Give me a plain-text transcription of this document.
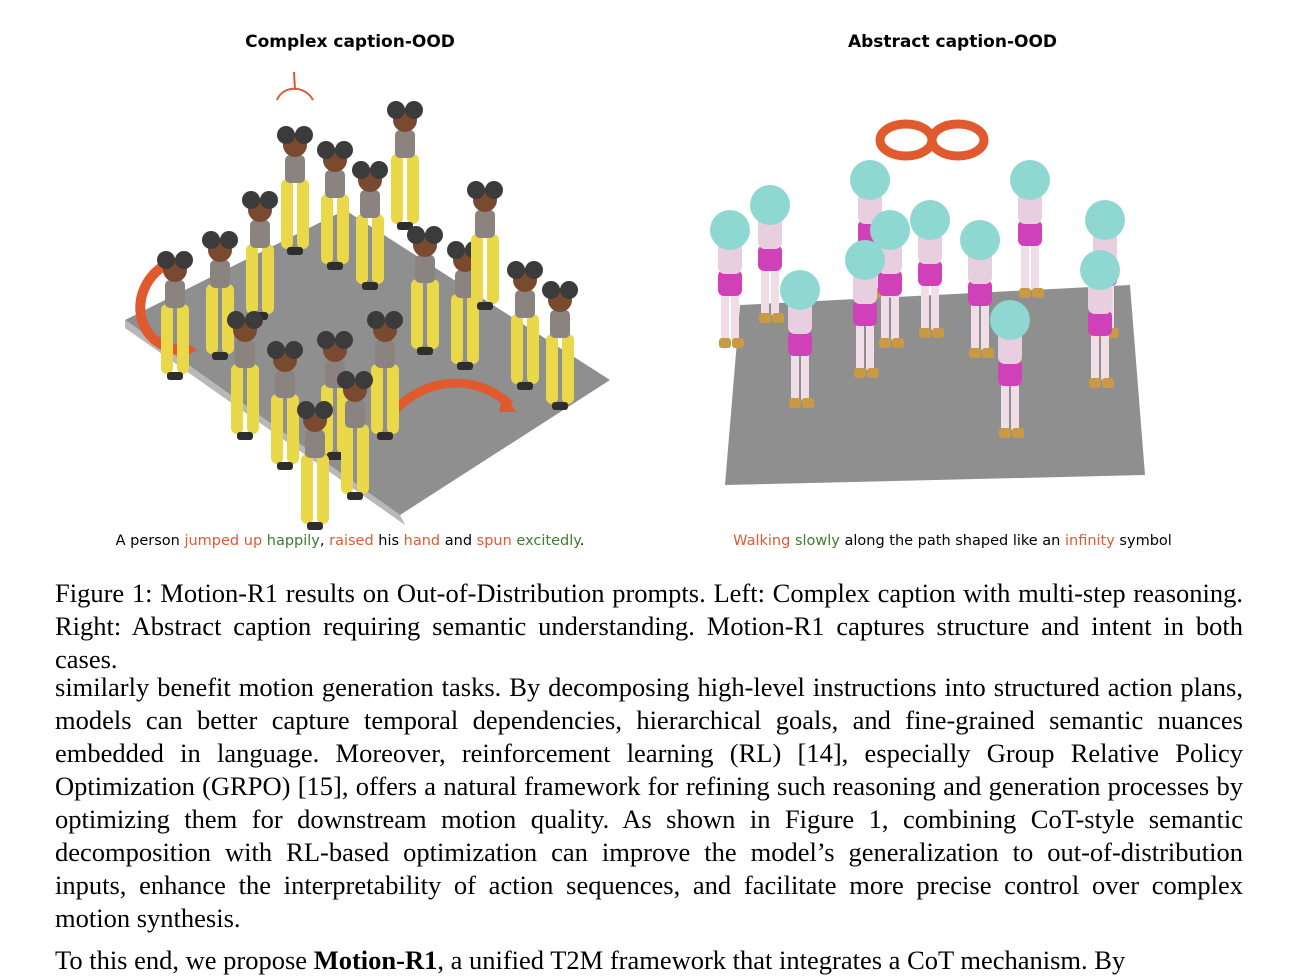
Complex caption-OOD
A person jumped up happily, raised his hand and spun excitedly.
Abstract caption-OOD
Walking slowly along the path shaped like an infinity symbol
Figure 1: Motion-R1 results on Out-of-Distribution prompts. Left: Complex caption with multi-step reasoning. Right: Abstract caption requiring semantic understanding. Motion-R1 captures structure and intent in both cases.

similarly benefit motion generation tasks. By decomposing high-level instructions into structured action plans, models can better capture temporal dependencies, hierarchical goals, and fine-grained semantic nuances embedded in language. Moreover, reinforcement learning (RL) [14], especially Group Relative Policy Optimization (GRPO) [15], offers a natural framework for refining such reasoning and generation processes by optimizing them for downstream motion quality. As shown in Figure 1, combining CoT-style semantic decomposition with RL-based optimization can improve the model’s generalization to out-of-distribution inputs, enhance the interpretability of action sequences, and facilitate more precise control over complex motion synthesis.

To this end, we propose Motion-R1, a unified T2M framework that integrates a CoT mechanism. By
